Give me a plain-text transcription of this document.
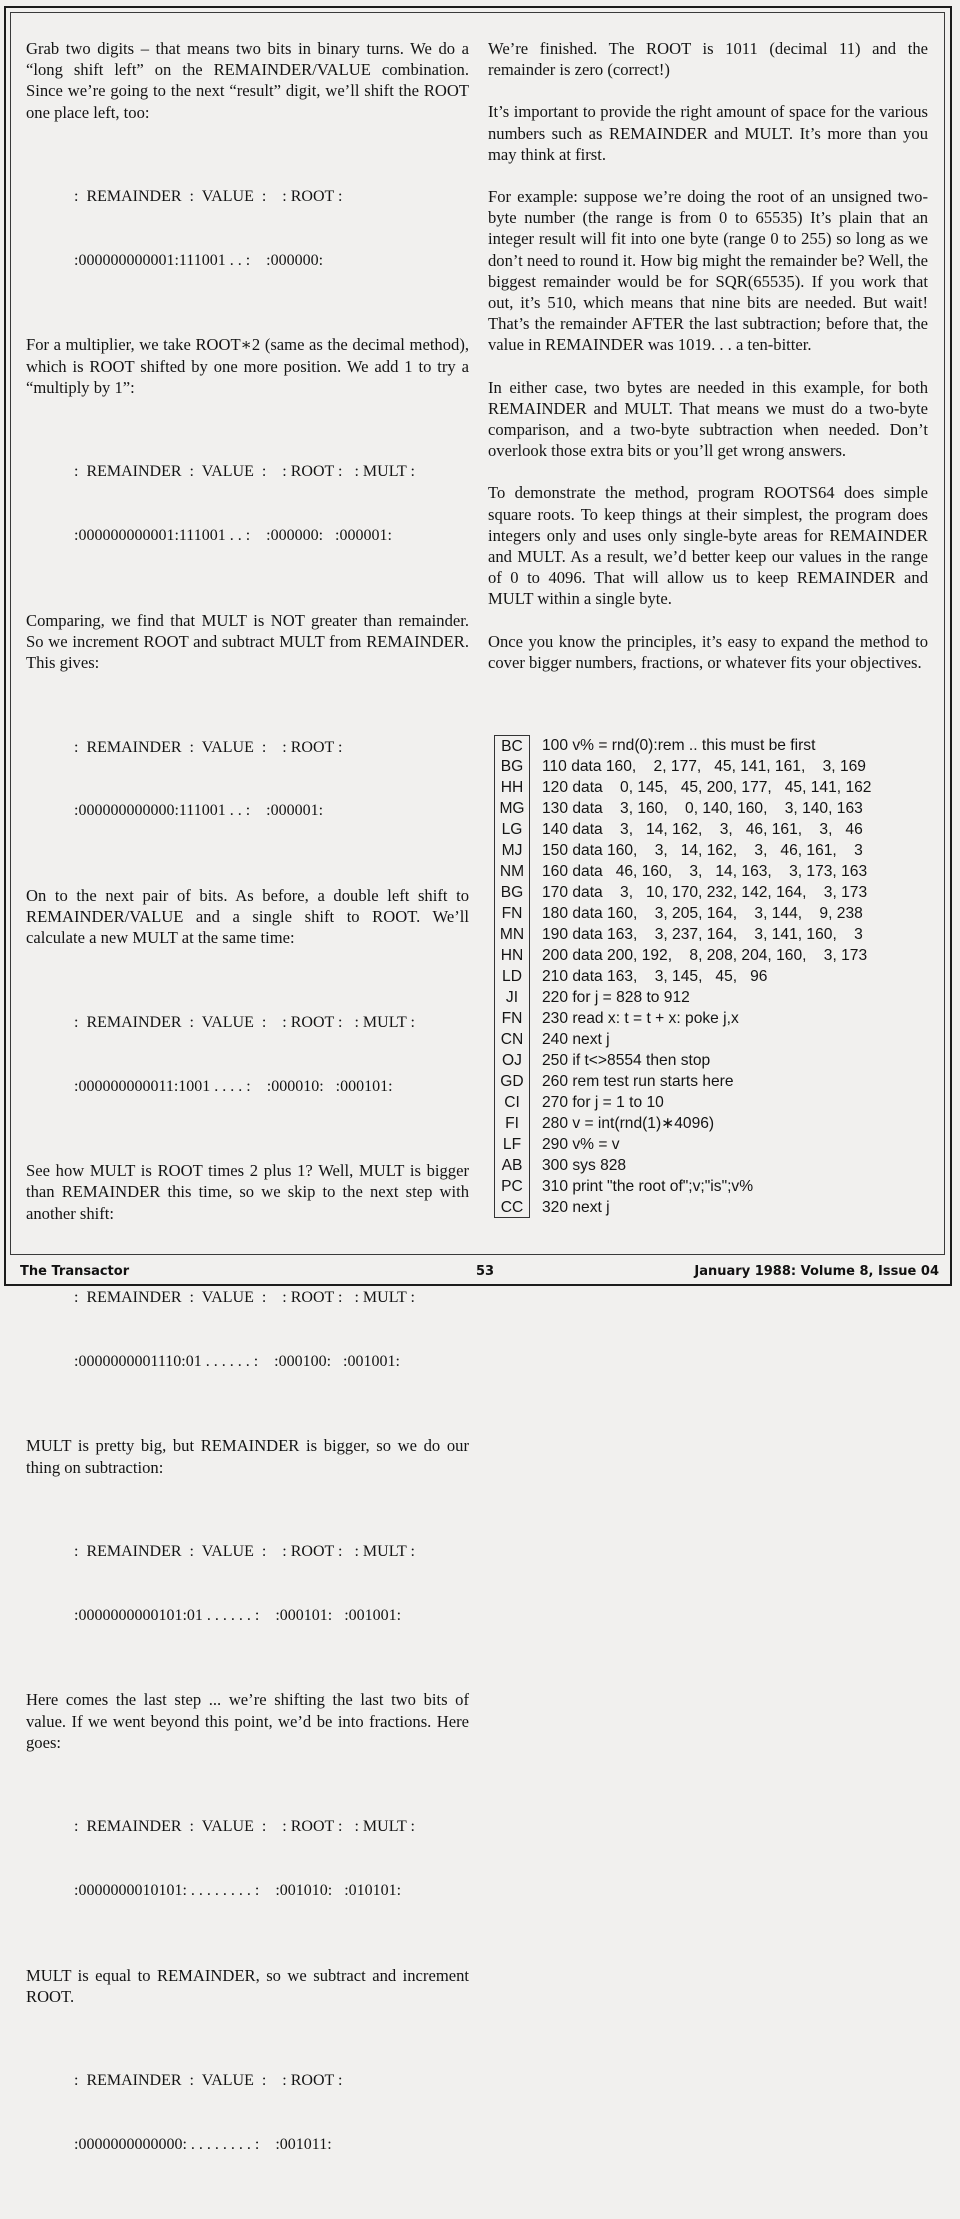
Grab two digits – that means two bits in binary turns. We do a “long shift left” on the REMAINDER/VALUE combination. Since we’re going to the next “result” digit, we’ll shift the ROOT one place left, too:

:  REMAINDER  :  VALUE  :    : ROOT :

:000000000001:111001 . . :    :000000:

For a multiplier, we take ROOT∗2 (same as the decimal method), which is ROOT shifted by one more position. We add 1 to try a “multiply by 1”:

:  REMAINDER  :  VALUE  :    : ROOT :   : MULT :

:000000000001:111001 . . :    :000000:   :000001:

Comparing, we find that MULT is NOT greater than remainder. So we increment ROOT and subtract MULT from REMAINDER. This gives:

:  REMAINDER  :  VALUE  :    : ROOT :

:000000000000:111001 . . :    :000001:

On to the next pair of bits. As before, a double left shift to REMAINDER/VALUE and a single shift to ROOT. We’ll calculate a new MULT at the same time:

:  REMAINDER  :  VALUE  :    : ROOT :   : MULT :

:000000000011:1001 . . . . :    :000010:   :000101:

See how MULT is ROOT times 2 plus 1? Well, MULT is bigger than REMAINDER this time, so we skip to the next step with another shift:

:  REMAINDER  :  VALUE  :    : ROOT :   : MULT :

:0000000001110:01 . . . . . . :    :000100:   :001001:

MULT is pretty big, but REMAINDER is bigger, so we do our thing on subtraction:

:  REMAINDER  :  VALUE  :    : ROOT :   : MULT :

:0000000000101:01 . . . . . . :    :000101:   :001001:

Here comes the last step ... we’re shifting the last two bits of value. If we went beyond this point, we’d be into fractions. Here goes:

:  REMAINDER  :  VALUE  :    : ROOT :   : MULT :

:0000000010101: . . . . . . . . :    :001010:   :010101:

MULT is equal to REMAINDER, so we subtract and increment ROOT.

:  REMAINDER  :  VALUE  :    : ROOT :

:0000000000000: . . . . . . . . :    :001011:

We’re finished. The ROOT is 1011 (decimal 11) and the remainder is zero (correct!)

It’s important to provide the right amount of space for the various numbers such as REMAINDER and MULT. It’s more than you may think at first.

For example: suppose we’re doing the root of an unsigned two-byte number (the range is from 0 to 65535) It’s plain that an integer result will fit into one byte (range 0 to 255) so long as we don’t need to round it. How big might the remainder be? Well, the biggest remainder would be for SQR(65535). If you work that out, it’s 510, which means that nine bits are needed. But wait! That’s the remainder AFTER the last subtraction; before that, the value in REMAINDER was 1019. . . a ten-bitter.

In either case, two bytes are needed in this example, for both REMAINDER and MULT. That means we must do a two-byte comparison, and a two-byte subtraction when needed. Don’t overlook those extra bits or you’ll get wrong answers.

To demonstrate the method, program ROOTS64 does simple square roots. To keep things at their simplest, the program does integers only and uses only single-byte areas for REMAINDER and MULT. As a result, we’d better keep our values in the range of 0 to 4096. That will allow us to keep REMAINDER and MULT within a single byte.

Once you know the principles, it’s easy to expand the method to cover bigger numbers, fractions, or whatever fits your objectives.

BC	100 v% = rnd(0):rem .. this must be first
BG	110 data 160,    2, 177,   45, 141, 161,    3, 169
HH	120 data    0, 145,   45, 200, 177,   45, 141, 162
MG	130 data    3, 160,    0, 140, 160,    3, 140, 163
LG	140 data    3,   14, 162,    3,   46, 161,    3,   46
MJ	150 data 160,    3,   14, 162,    3,   46, 161,    3
NM	160 data   46, 160,    3,   14, 163,    3, 173, 163
BG	170 data    3,   10, 170, 232, 142, 164,    3, 173
FN	180 data 160,    3, 205, 164,    3, 144,    9, 238
MN	190 data 163,    3, 237, 164,    3, 141, 160,    3
HN	200 data 200, 192,    8, 208, 204, 160,    3, 173
LD	210 data 163,    3, 145,   45,   96
JI	220 for j = 828 to 912
FN	230 read x: t = t + x: poke j,x
CN	240 next j
OJ	250 if t<>8554 then stop
GD	260 rem test run starts here
CI	270 for j = 1 to 10
FI	280 v = int(rnd(1)∗4096)
LF	290 v% = v
AB	300 sys 828
PC	310 print "the root of";v;"is";v%
CC	320 next j
The Transactor	53	January 1988: Volume 8, Issue 04
